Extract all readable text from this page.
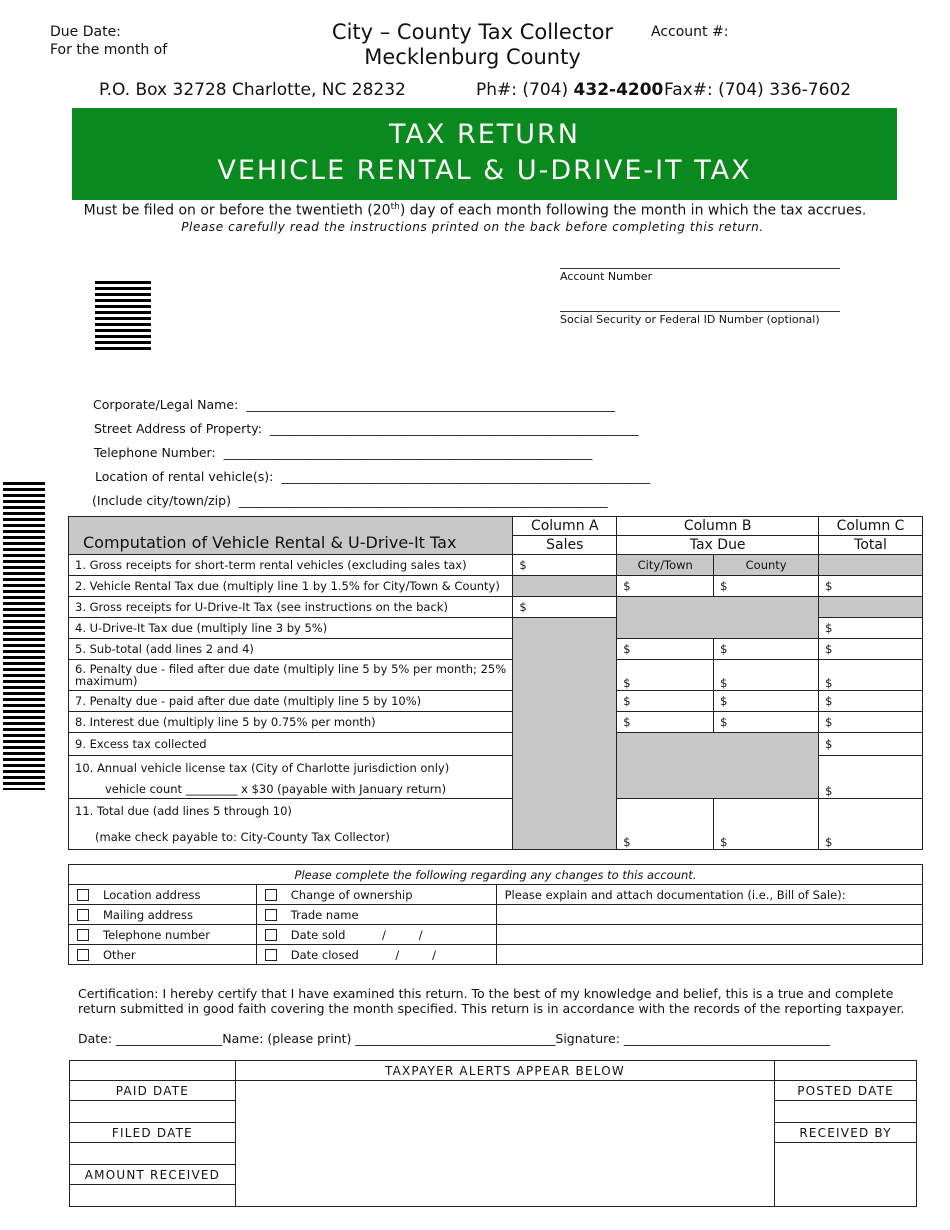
Due Date:
For the month of
City – County Tax Collector
Mecklenburg County
Account #:
P.O. Box 32728 Charlotte, NC 28232	Ph#: (704) 432-4200 Fax#: (704) 336-7602
TAX RETURN
VEHICLE RENTAL & U-DRIVE-IT TAX
Must be filed on or before the twentieth (20th) day of each month following the month in which the tax accrues.
Please carefully read the instructions printed on the back before completing this return.
Account Number
Social Security or Federal ID Number (optional)
Corporate/Legal Name: ___________________________________________________________
Street Address of Property: ___________________________________________________________
Telephone Number: ___________________________________________________________
Location of rental vehicle(s): ___________________________________________________________
(Include city/town/zip) ___________________________________________________________
Computation of Vehicle Rental & U-Drive-It Tax	Column A	Column B		Column C
	Sales	Tax Due		Total
1. Gross receipts for short-term rental vehicles (excluding sales tax)	$	City/Town	County	
2. Vehicle Rental Tax due (multiply line 1 by 1.5% for City/Town & County)		$	$	$
3. Gross receipts for U-Drive-It Tax (see instructions on the back)	$			
4. U-Drive-It Tax due (multiply line 3 by 5%)				$
5. Sub-total (add lines 2 and 4)		$	$	$
6. Penalty due - filed after due date (multiply line 5 by 5% per month; 25% maximum)		$	$	$
7. Penalty due - paid after due date (multiply line 5 by 10%)		$	$	$
8. Interest due (multiply line 5 by 0.75% per month)		$	$	$
9. Excess tax collected				$

10. Annual vehicle license tax (City of Charlotte jurisdiction only)
vehicle count _________ x $30 (payable with January return)				$

11. Total due (add lines 5 through 10)
(make check payable to: City-County Tax Collector)		$	$	$
Please complete the following regarding any changes to this account.		
Location address	Change of ownership	Please explain and attach documentation (i.e., Bill of Sale):
Mailing address	Trade name	
Telephone number	Date sold          /         /	
Other	Date closed          /         /	
Certification: I hereby certify that I have examined this return. To the best of my knowledge and belief, this is a true and complete return submitted in good faith covering the month specified. This return is in accordance with the records of the reporting taxpayer.
Date: _________________Name: (please print) ________________________________Signature: _________________________________
	TAXPAYER ALERTS APPEAR BELOW	
PAID DATE		POSTED DATE

FILED DATE		RECEIVED BY

AMOUNT RECEIVED		
